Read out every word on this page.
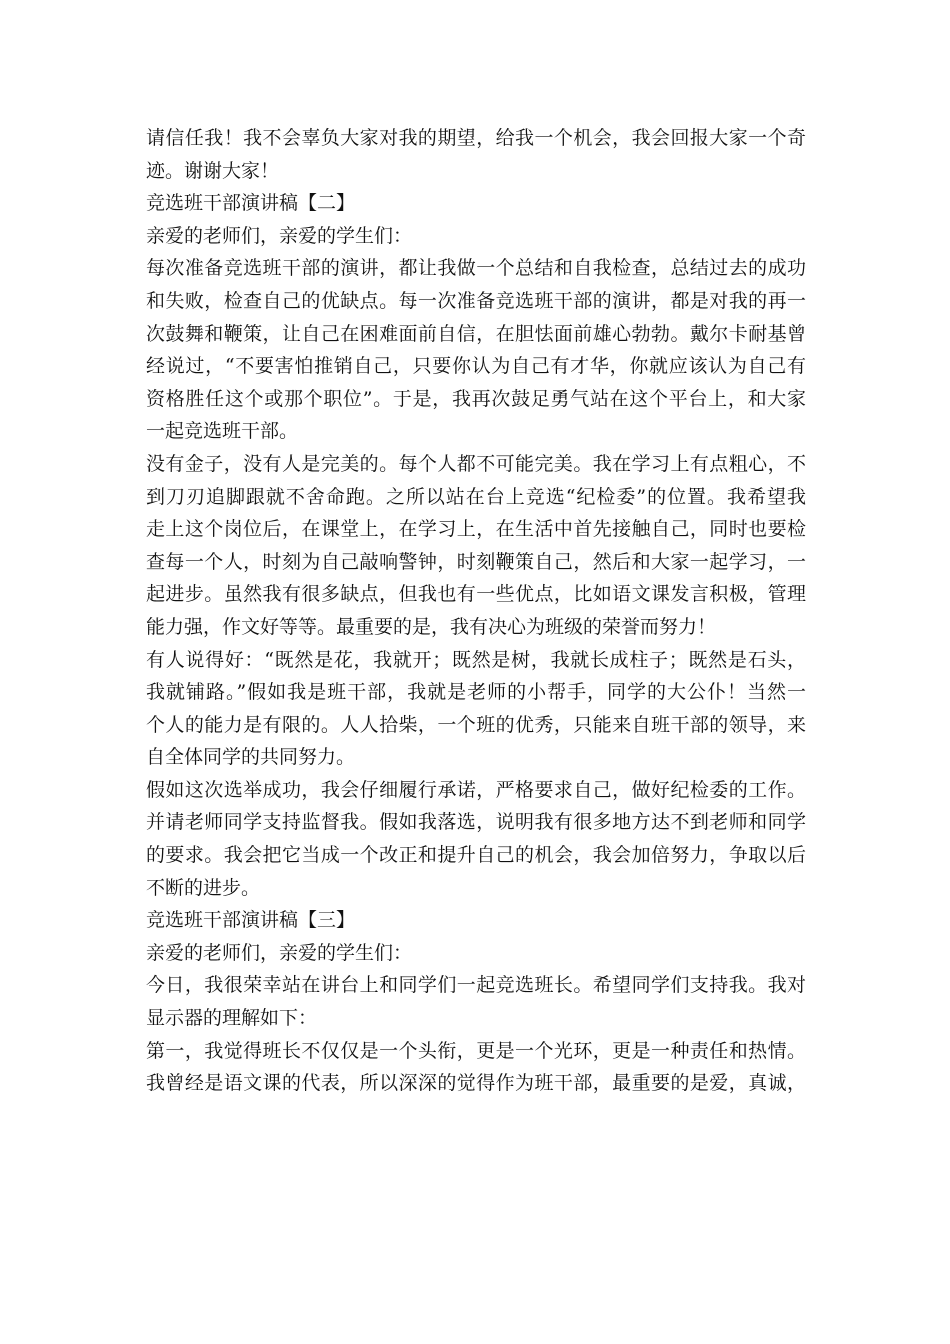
请信任我！我不会辜负大家对我的期望，给我一个机会，我会回报大家一个奇
迹。谢谢大家！
竞选班干部演讲稿【二】
亲爱的老师们，亲爱的学生们：
每次准备竞选班干部的演讲，都让我做一个总结和自我检查，总结过去的成功
和失败，检查自己的优缺点。每一次准备竞选班干部的演讲，都是对我的再一
次鼓舞和鞭策，让自己在困难面前自信，在胆怯面前雄心勃勃。戴尔卡耐基曾
经说过，“不要害怕推销自己，只要你认为自己有才华，你就应该认为自己有
资格胜任这个或那个职位”。于是，我再次鼓足勇气站在这个平台上，和大家
一起竞选班干部。
没有金子，没有人是完美的。每个人都不可能完美。我在学习上有点粗心，不
到刀刃追脚跟就不舍命跑。之所以站在台上竞选“纪检委”的位置。我希望我
走上这个岗位后，在课堂上，在学习上，在生活中首先接触自己，同时也要检
查每一个人，时刻为自己敲响警钟，时刻鞭策自己，然后和大家一起学习，一
起进步。虽然我有很多缺点，但我也有一些优点，比如语文课发言积极，管理
能力强，作文好等等。最重要的是，我有决心为班级的荣誉而努力！
有人说得好：“既然是花，我就开；既然是树，我就长成柱子；既然是石头，
我就铺路。”假如我是班干部，我就是老师的小帮手，同学的大公仆！当然一
个人的能力是有限的。人人拾柴，一个班的优秀，只能来自班干部的领导，来
自全体同学的共同努力。
假如这次选举成功，我会仔细履行承诺，严格要求自己，做好纪检委的工作。
并请老师同学支持监督我。假如我落选，说明我有很多地方达不到老师和同学
的要求。我会把它当成一个改正和提升自己的机会，我会加倍努力，争取以后
不断的进步。
竞选班干部演讲稿【三】
亲爱的老师们，亲爱的学生们：
今日，我很荣幸站在讲台上和同学们一起竞选班长。希望同学们支持我。我对
显示器的理解如下：
第一，我觉得班长不仅仅是一个头衔，更是一个光环，更是一种责任和热情。
我曾经是语文课的代表，所以深深的觉得作为班干部，最重要的是爱，真诚，
